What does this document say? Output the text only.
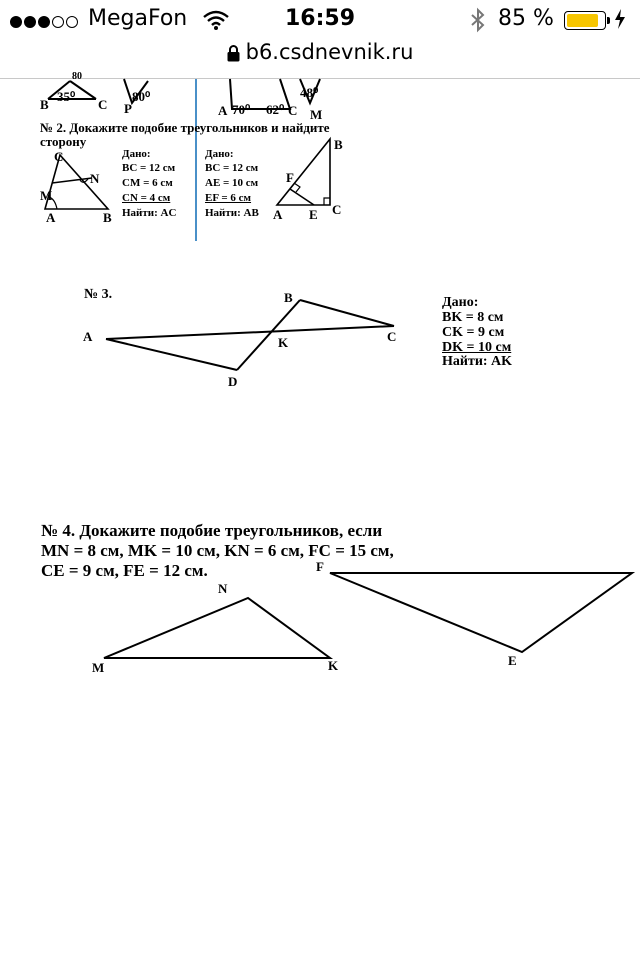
MegaFon	16:59	85 %
b6.csdnevnik.ru
80
B
35⁰
C
80⁰
P	A 70⁰ 62⁰ C
48⁰
M
№ 2. Докажите подобие треугольников и найдите
сторону
C
N
M
A	B
Дано:
BC = 12 см
CM = 6 см
CN = 4 см
Найти: AC
Дано:
BC = 12 см
AE = 10 см
EF = 6 см
Найти: AB
B
F
A E C
№ 3.
A
B
C
D
K
Дано:
BK = 8 см
CK = 9 см
DK = 10 см
Найти: AK
№ 4. Докажите подобие треугольников, если
MN = 8 см, MK = 10 см, KN = 6 см, FC = 15 см,
CE = 9 см, FE = 12 см.
N
M	K
F
E
